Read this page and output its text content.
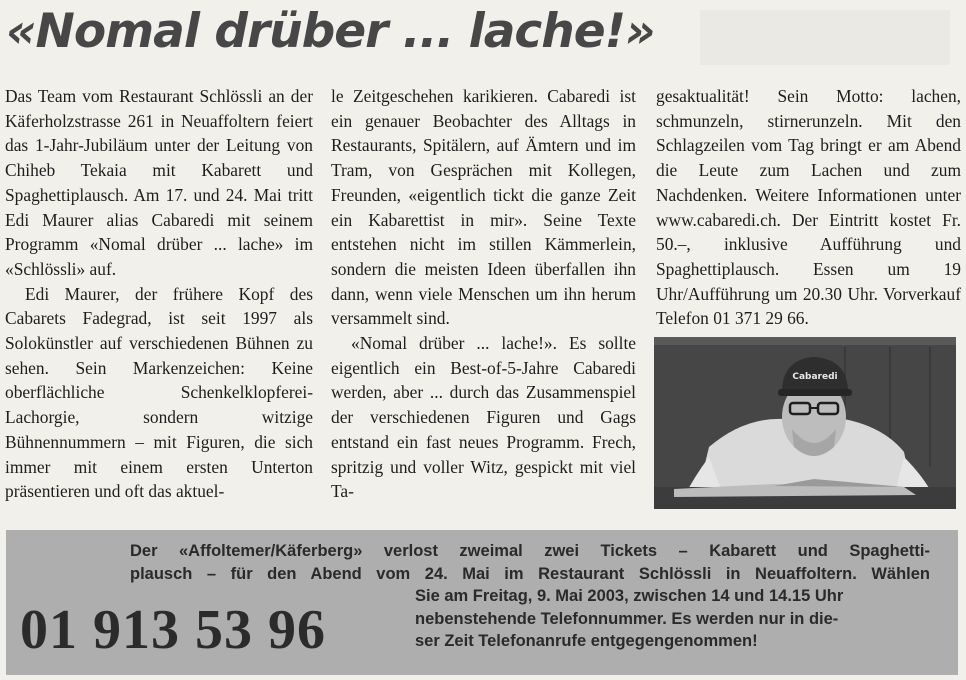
«Nomal drüber ... lache!»

Das Team vom Restaurant Schlössli an der Käferholzstrasse 261 in Neuaffoltern feiert das 1-Jahr-Jubiläum unter der Leitung von Chiheb Tekaia mit Kabarett und Spaghettiplausch. Am 17. und 24. Mai tritt Edi Maurer alias Cabaredi mit seinem Programm «Nomal drüber ... lache» im «Schlössli» auf.

Edi Maurer, der frühere Kopf des Cabarets Fadegrad, ist seit 1997 als Solokünstler auf verschiedenen Bühnen zu sehen. Sein Markenzeichen: Keine oberflächliche Schenkelklopferei-Lachorgie, sondern witzige Bühnennummern – mit Figuren, die sich immer mit einem ersten Unterton präsentieren und oft das aktuel-

le Zeitgeschehen karikieren. Cabaredi ist ein genauer Beobachter des Alltags in Restaurants, Spitälern, auf Ämtern und im Tram, von Gesprächen mit Kollegen, Freunden, «eigentlich tickt die ganze Zeit ein Kabarettist in mir». Seine Texte entstehen nicht im stillen Kämmerlein, sondern die meisten Ideen überfallen ihn dann, wenn viele Menschen um ihn herum versammelt sind.

«Nomal drüber ... lache!». Es sollte eigentlich ein Best-of-5-Jahre Cabaredi werden, aber ... durch das Zusammenspiel der verschiedenen Figuren und Gags entstand ein fast neues Programm. Frech, spritzig und voller Witz, gespickt mit viel Ta-

gesaktualität! Sein Motto: lachen, schmunzeln, stirnerunzeln. Mit den Schlagzeilen vom Tag bringt er am Abend die Leute zum Lachen und zum Nachdenken. Weitere Informationen unter www.cabaredi.ch. Der Eintritt kostet Fr. 50.–, inklusive Aufführung und Spaghettiplausch. Essen um 19 Uhr/Aufführung um 20.30 Uhr. Vorverkauf Telefon 01 371 29 66.

Cabaredi
Der «Affoltemer/Käferberg» verlost zweimal zwei Tickets – Kabarett und Spaghetti-
plausch – für den Abend vom 24. Mai im Restaurant Schlössli in Neuaffoltern. Wählen
Sie am Freitag, 9. Mai 2003, zwischen 14 und 14.15 Uhr
nebenstehende Telefonnummer. Es werden nur in die-
ser Zeit Telefonanrufe entgegengenommen!
01 913 53 96
